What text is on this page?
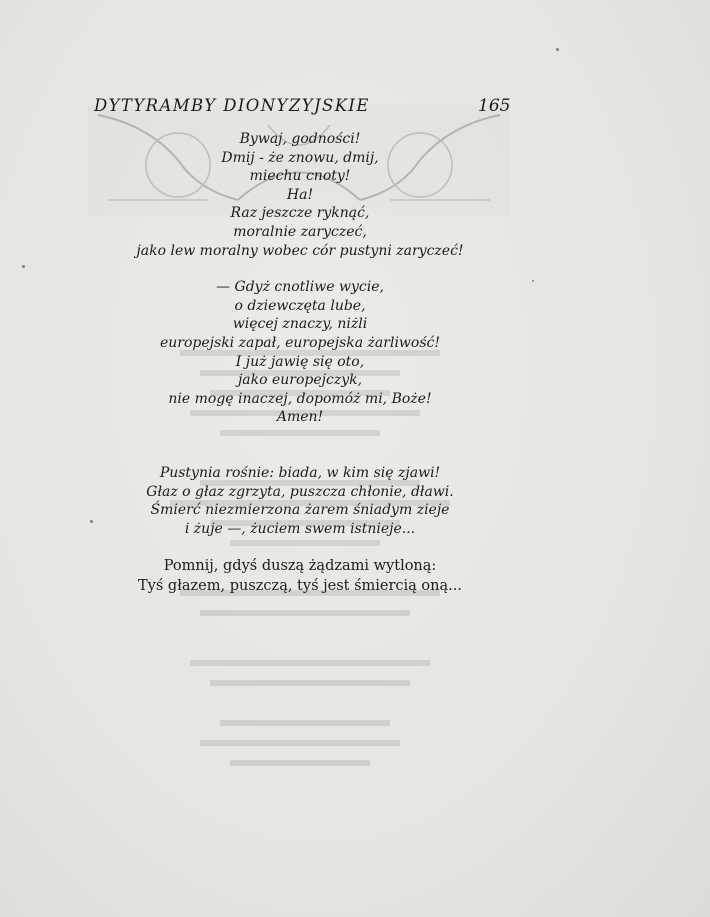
DYTYRAMBY DIONYZYJSKIE	165
Bywaj, godności!
Dmij - że znowu, dmij,
miechu cnoty!
Ha!
Raz jeszcze ryknąć,
moralnie zaryczeć,
jako lew moralny wobec cór pustyni zaryczeć!
— Gdyż cnotliwe wycie,
o dziewczęta lube,
więcej znaczy, niżli
europejski zapał, europejska żarliwość!
I już jawię się oto,
jako europejczyk,
nie mogę inaczej, dopomóż mi, Boże!
Amen!
Pustynia rośnie: biada, w kim się zjawi!
Głaz o głaz zgrzyta, puszcza chłonie, dławi.
Śmierć niezmierzona żarem śniadym zieje
i żuje —, żuciem swem istnieje...
Pomnij, gdyś duszą żądzami wytloną:
Tyś głazem, puszczą, tyś jest śmiercią oną...
